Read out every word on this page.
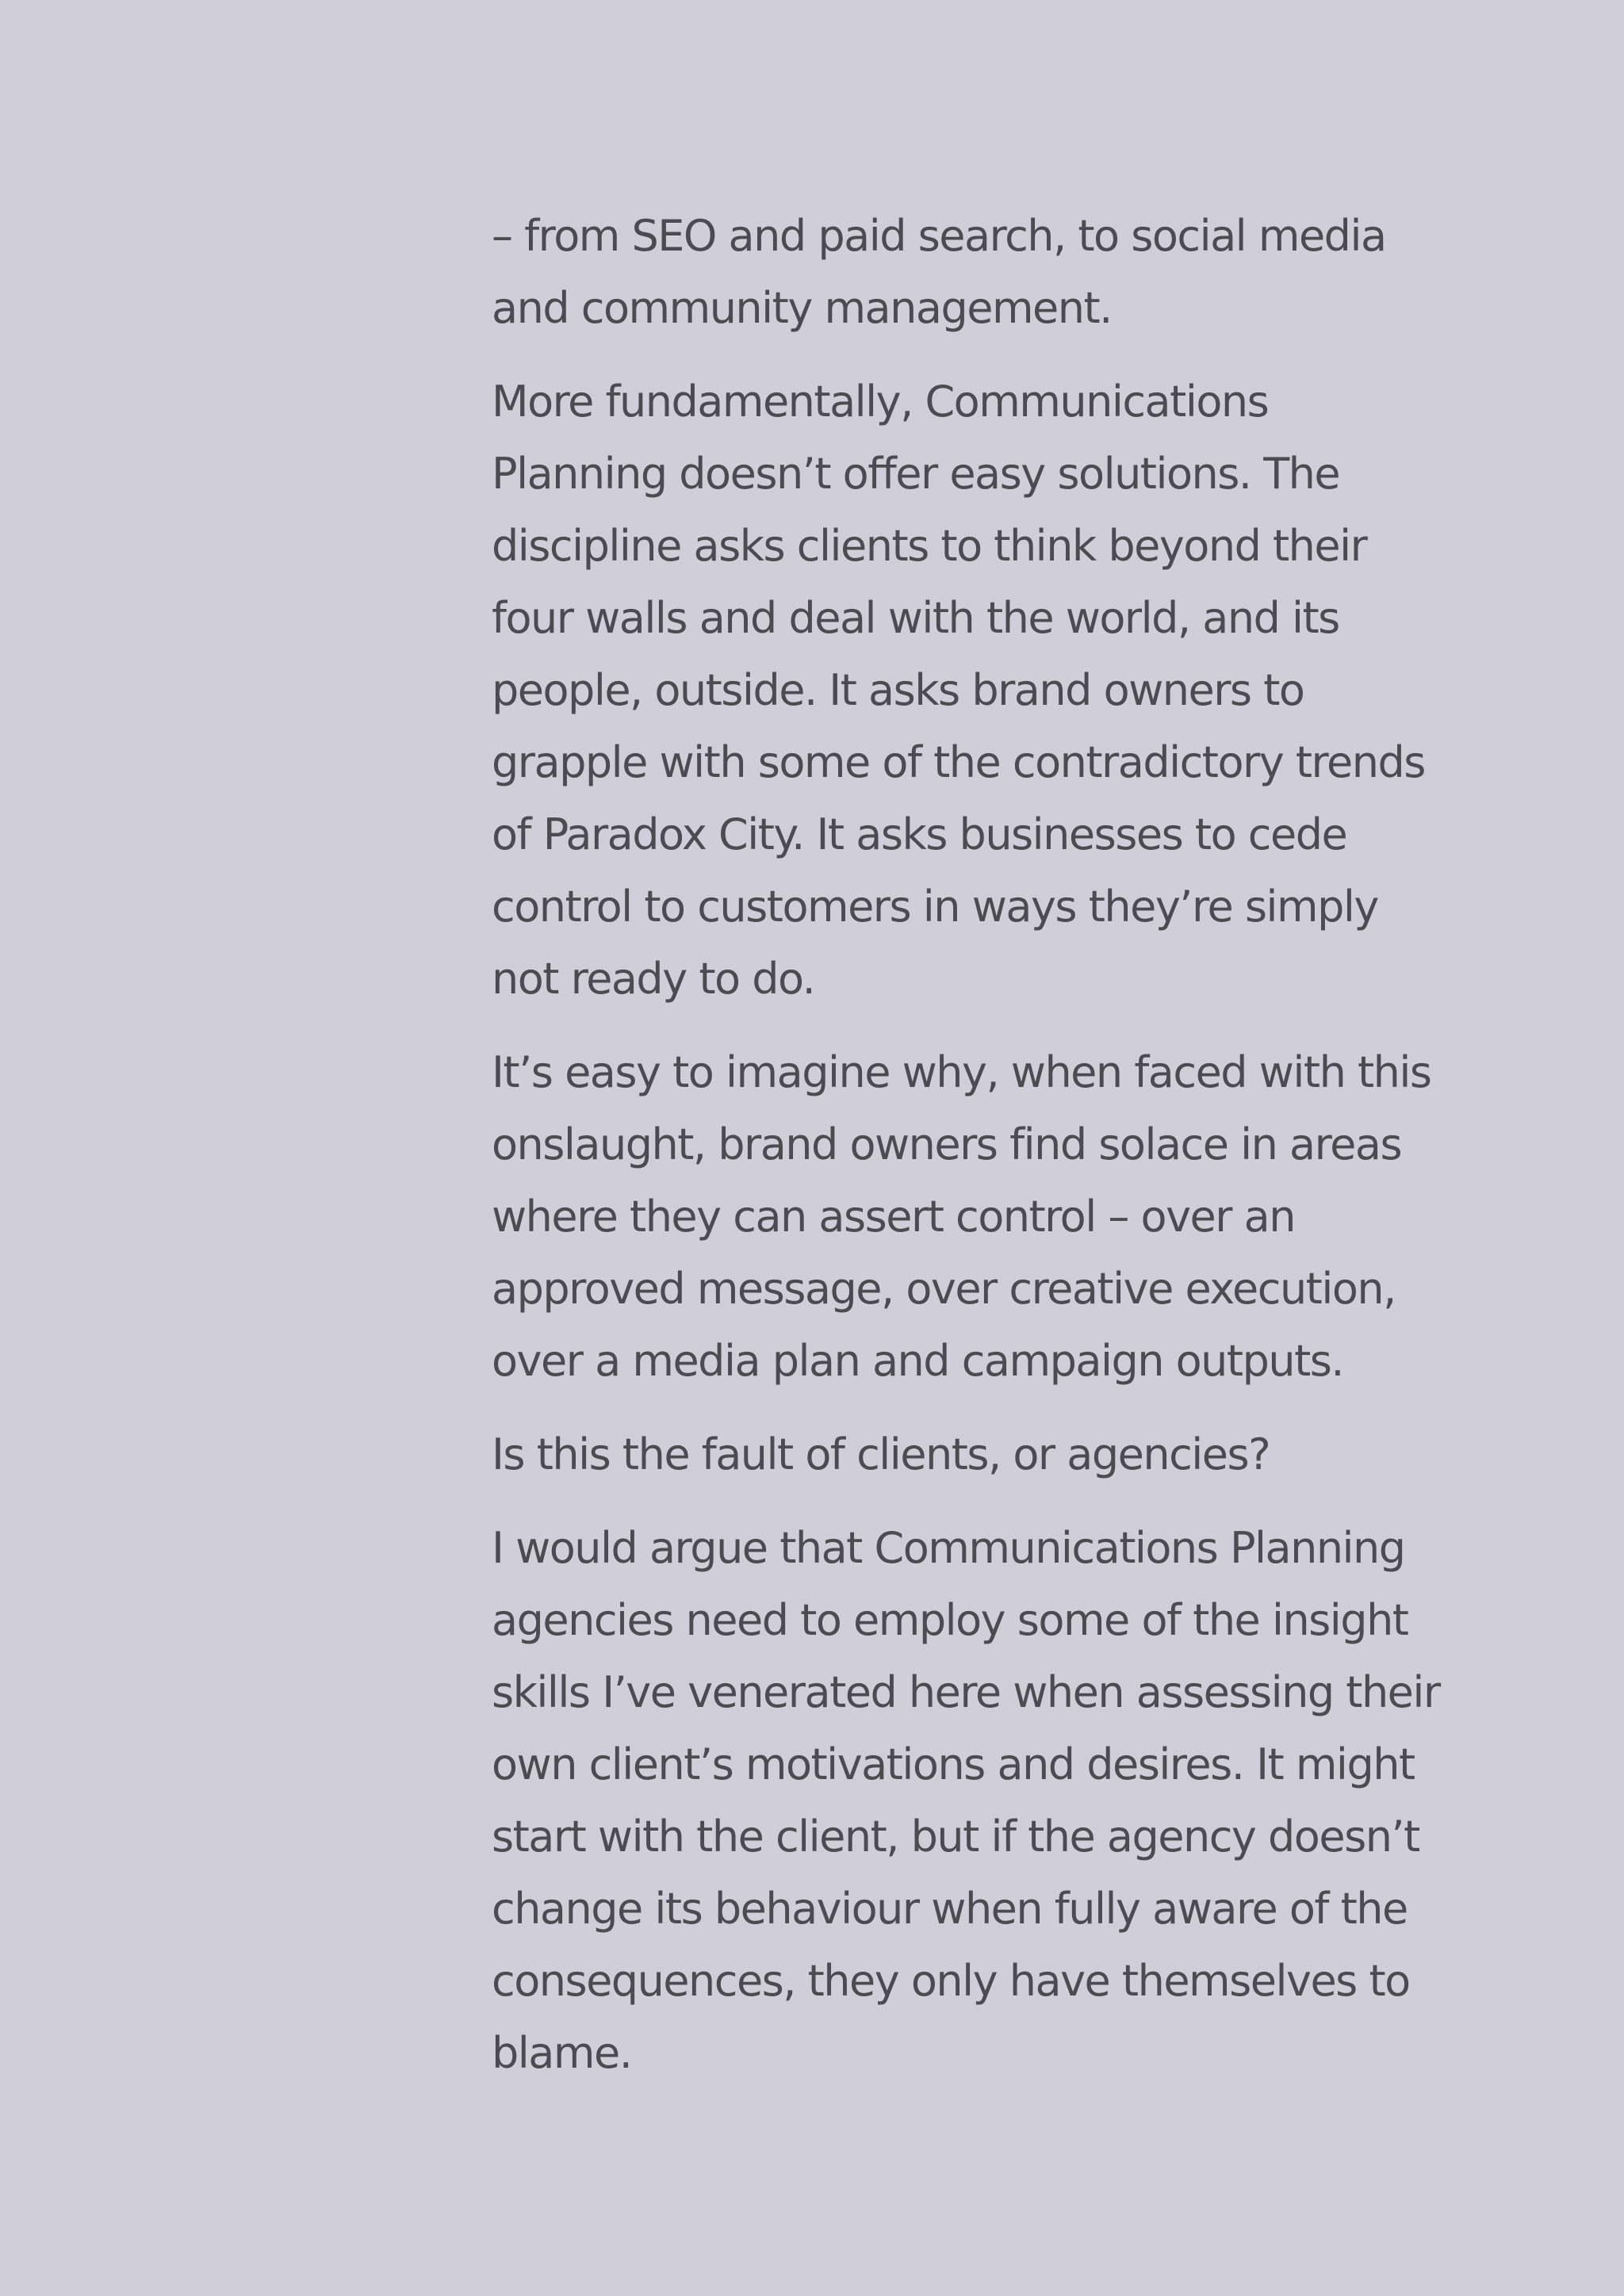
– from SEO and paid search, to social media
and community management.
More fundamentally, Communications
Planning doesn’t offer easy solutions. The
discipline asks clients to think beyond their
four walls and deal with the world, and its
people, outside. It asks brand owners to
grapple with some of the contradictory trends
of Paradox City. It asks businesses to cede
control to customers in ways they’re simply
not ready to do.
It’s easy to imagine why, when faced with this
onslaught, brand owners find solace in areas
where they can assert control – over an
approved message, over creative execution,
over a media plan and campaign outputs.
Is this the fault of clients, or agencies?
I would argue that Communications Planning
agencies need to employ some of the insight
skills I’ve venerated here when assessing their
own client’s motivations and desires. It might
start with the client, but if the agency doesn’t
change its behaviour when fully aware of the
consequences, they only have themselves to
blame.
